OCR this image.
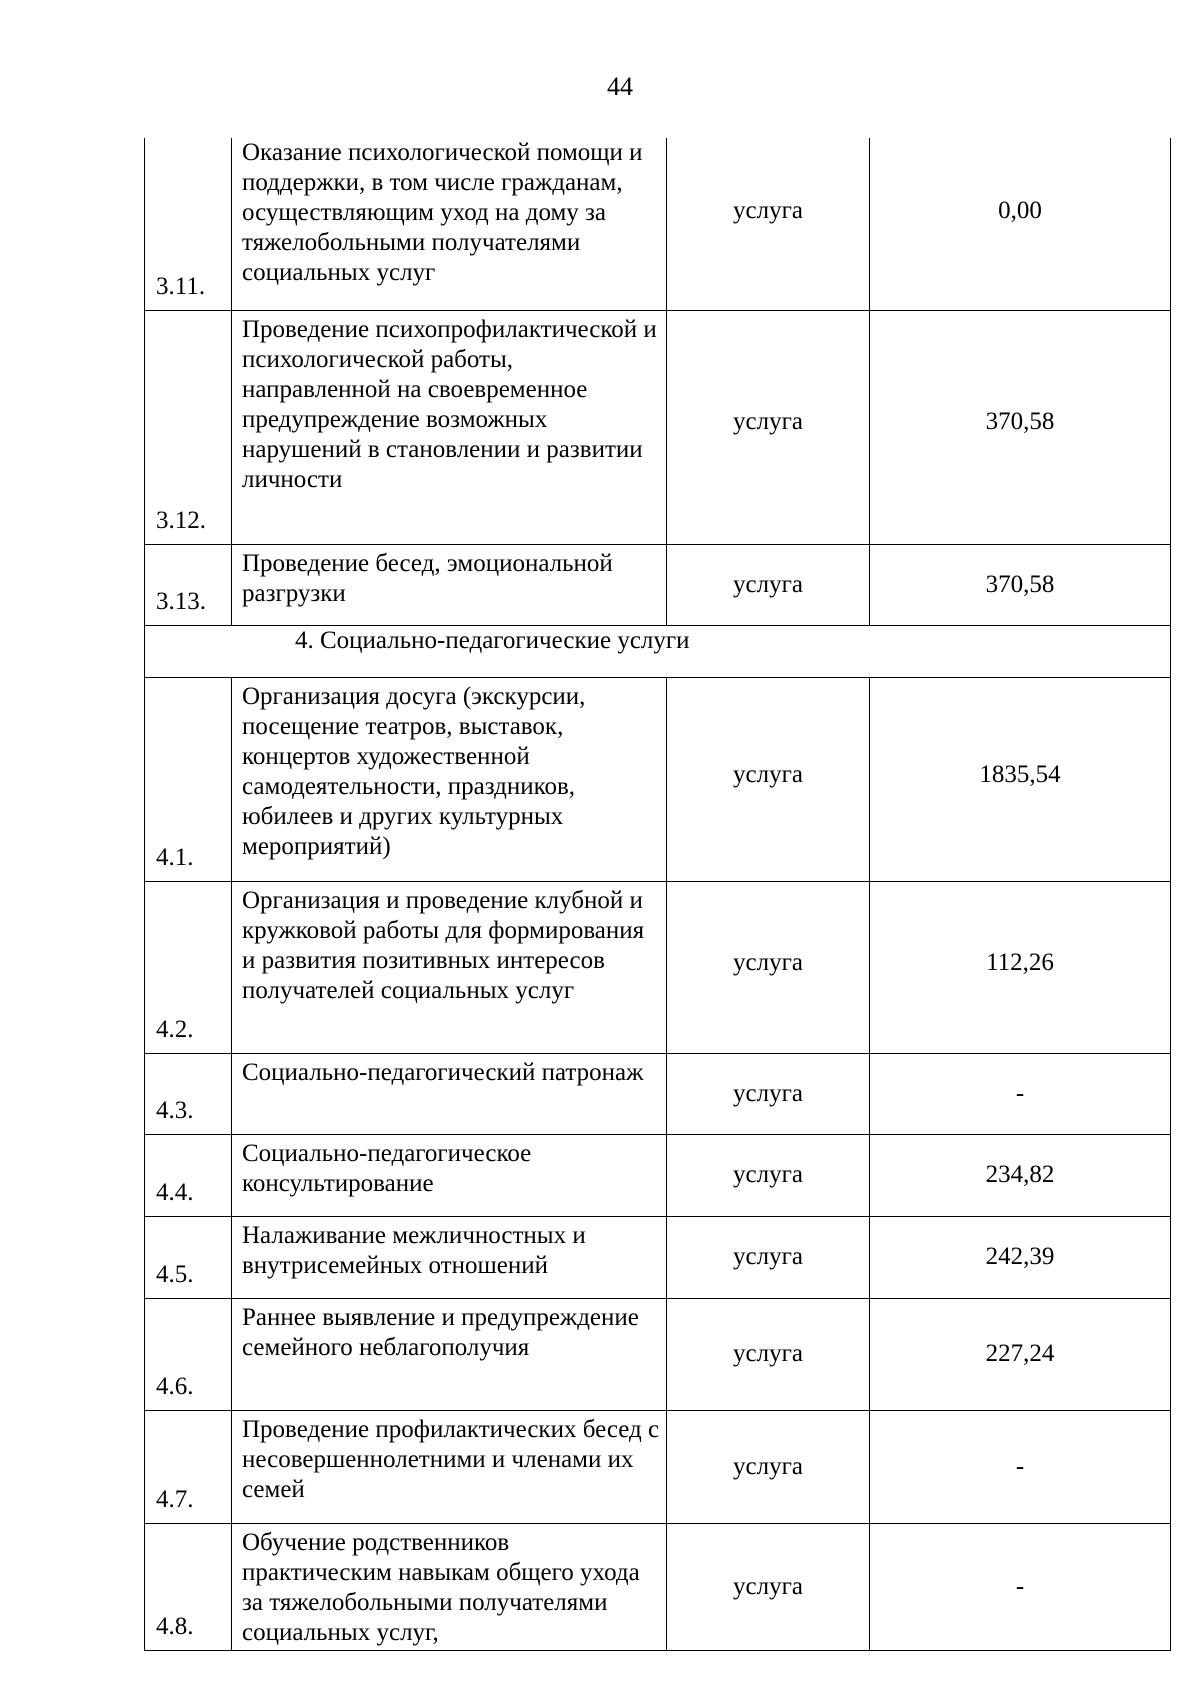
44
3.11.	Оказание психологической помощи и поддержки, в том числе гражданам, осуществляющим уход на дому за тяжелобольными получателями социальных услуг	услуга	0,00
3.12.	Проведение психопрофилактической и психологической работы, направленной на своевременное предупреждение возможных нарушений в становлении и развитии личности	услуга	370,58
3.13.	Проведение бесед, эмоциональной разгрузки	услуга	370,58
4. Социально-педагогические услуги			
4.1.	Организация досуга (экскурсии, посещение театров, выставок, концертов художественной самодеятельности, праздников, юбилеев и других культурных мероприятий)	услуга	1835,54
4.2.	Организация и проведение клубной и кружковой работы для формирования и развития позитивных интересов получателей социальных услуг	услуга	112,26
4.3.	Социально-педагогический патронаж	услуга	-
4.4.	Социально-педагогическое консультирование	услуга	234,82
4.5.	Налаживание межличностных и внутрисемейных отношений	услуга	242,39
4.6.	Раннее выявление и предупреждение семейного неблагополучия	услуга	227,24
4.7.	Проведение профилактических бесед с несовершеннолетними и членами их семей	услуга	-
4.8.	Обучение родственников практическим навыкам общего ухода за тяжелобольными получателями социальных услуг,	услуга	-
